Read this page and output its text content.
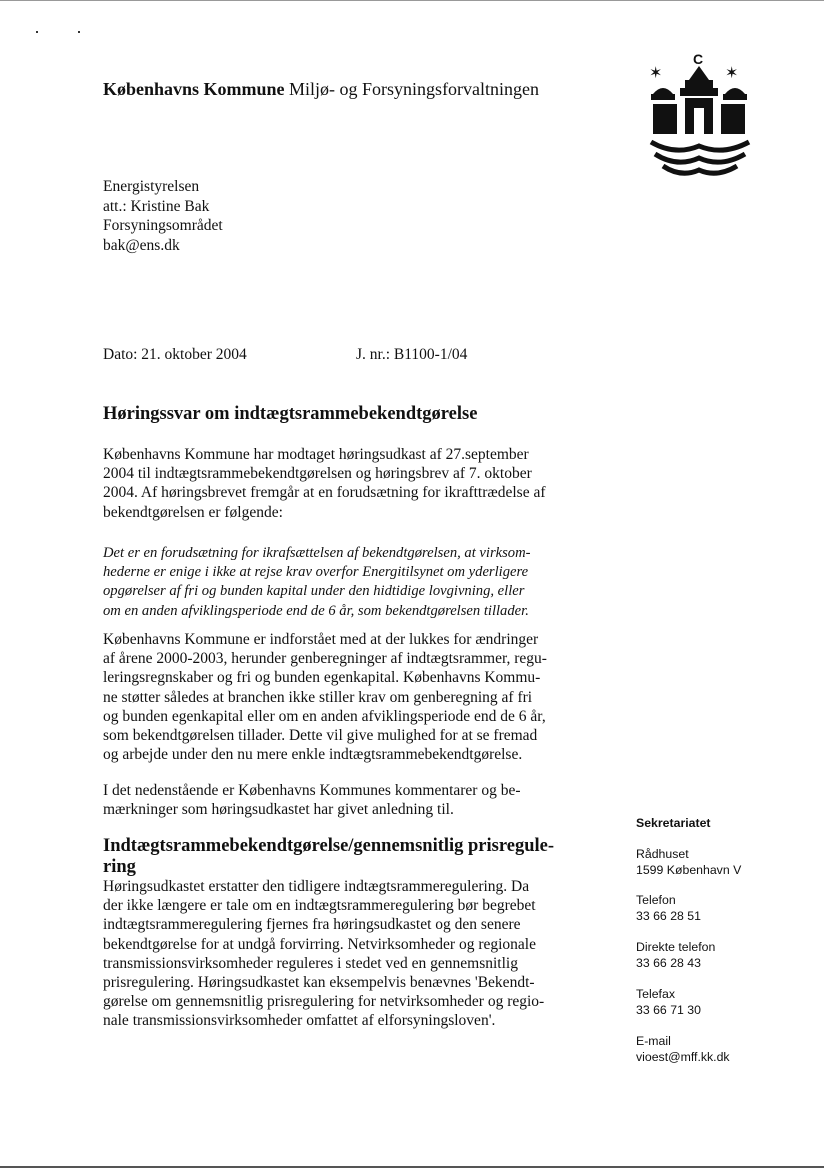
Københavns Kommune Miljø- og Forsyningsforvaltningen
C
✶	✶
Energistyrelsen
att.: Kristine Bak
Forsyningsområdet
bak@ens.dk
Dato: 21. oktober 2004	J. nr.: B1100-1/04
Høringssvar om indtægtsrammebekendtgørelse
Københavns Kommune har modtaget høringsudkast af 27.september
2004 til indtægtsrammebekendtgørelsen og høringsbrev af 7. oktober
2004. Af høringsbrevet fremgår at en forudsætning for ikrafttrædelse af
bekendtgørelsen er følgende:
Det er en forudsætning for ikrafsættelsen af bekendtgørelsen, at virksom-
hederne er enige i ikke at rejse krav overfor Energitilsynet om yderligere
opgørelser af fri og bunden kapital under den hidtidige lovgivning, eller
om en anden afviklingsperiode end de 6 år, som bekendtgørelsen tillader.
Københavns Kommune er indforstået med at der lukkes for ændringer
af årene 2000-2003, herunder genberegninger af indtægtsrammer, regu-
leringsregnskaber og fri og bunden egenkapital. Københavns Kommu-
ne støtter således at branchen ikke stiller krav om genberegning af fri
og bunden egenkapital eller om en anden afviklingsperiode end de 6 år,
som bekendtgørelsen tillader. Dette vil give mulighed for at se fremad
og arbejde under den nu mere enkle indtægtsrammebekendtgørelse.
I det nedenstående er Københavns Kommunes kommentarer og be-
mærkninger som høringsudkastet har givet anledning til.
Indtægtsrammebekendtgørelse/gennemsnitlig prisregule-
ring
Høringsudkastet erstatter den tidligere indtægtsrammeregulering. Da
der ikke længere er tale om en indtægtsrammeregulering bør begrebet
indtægtsrammeregulering fjernes fra høringsudkastet og den senere
bekendtgørelse for at undgå forvirring. Netvirksomheder og regionale
transmissionsvirksomheder reguleres i stedet ved en gennemsnitlig
prisregulering. Høringsudkastet kan eksempelvis benævnes 'Bekendt-
gørelse om gennemsnitlig prisregulering for netvirksomheder og regio-
nale transmissionsvirksomheder omfattet af elforsyningsloven'.
Sekretariatet
Rådhuset
1599 København V
Telefon
33 66 28 51
Direkte telefon
33 66 28 43
Telefax
33 66 71 30
E-mail
vioest@mff.kk.dk
